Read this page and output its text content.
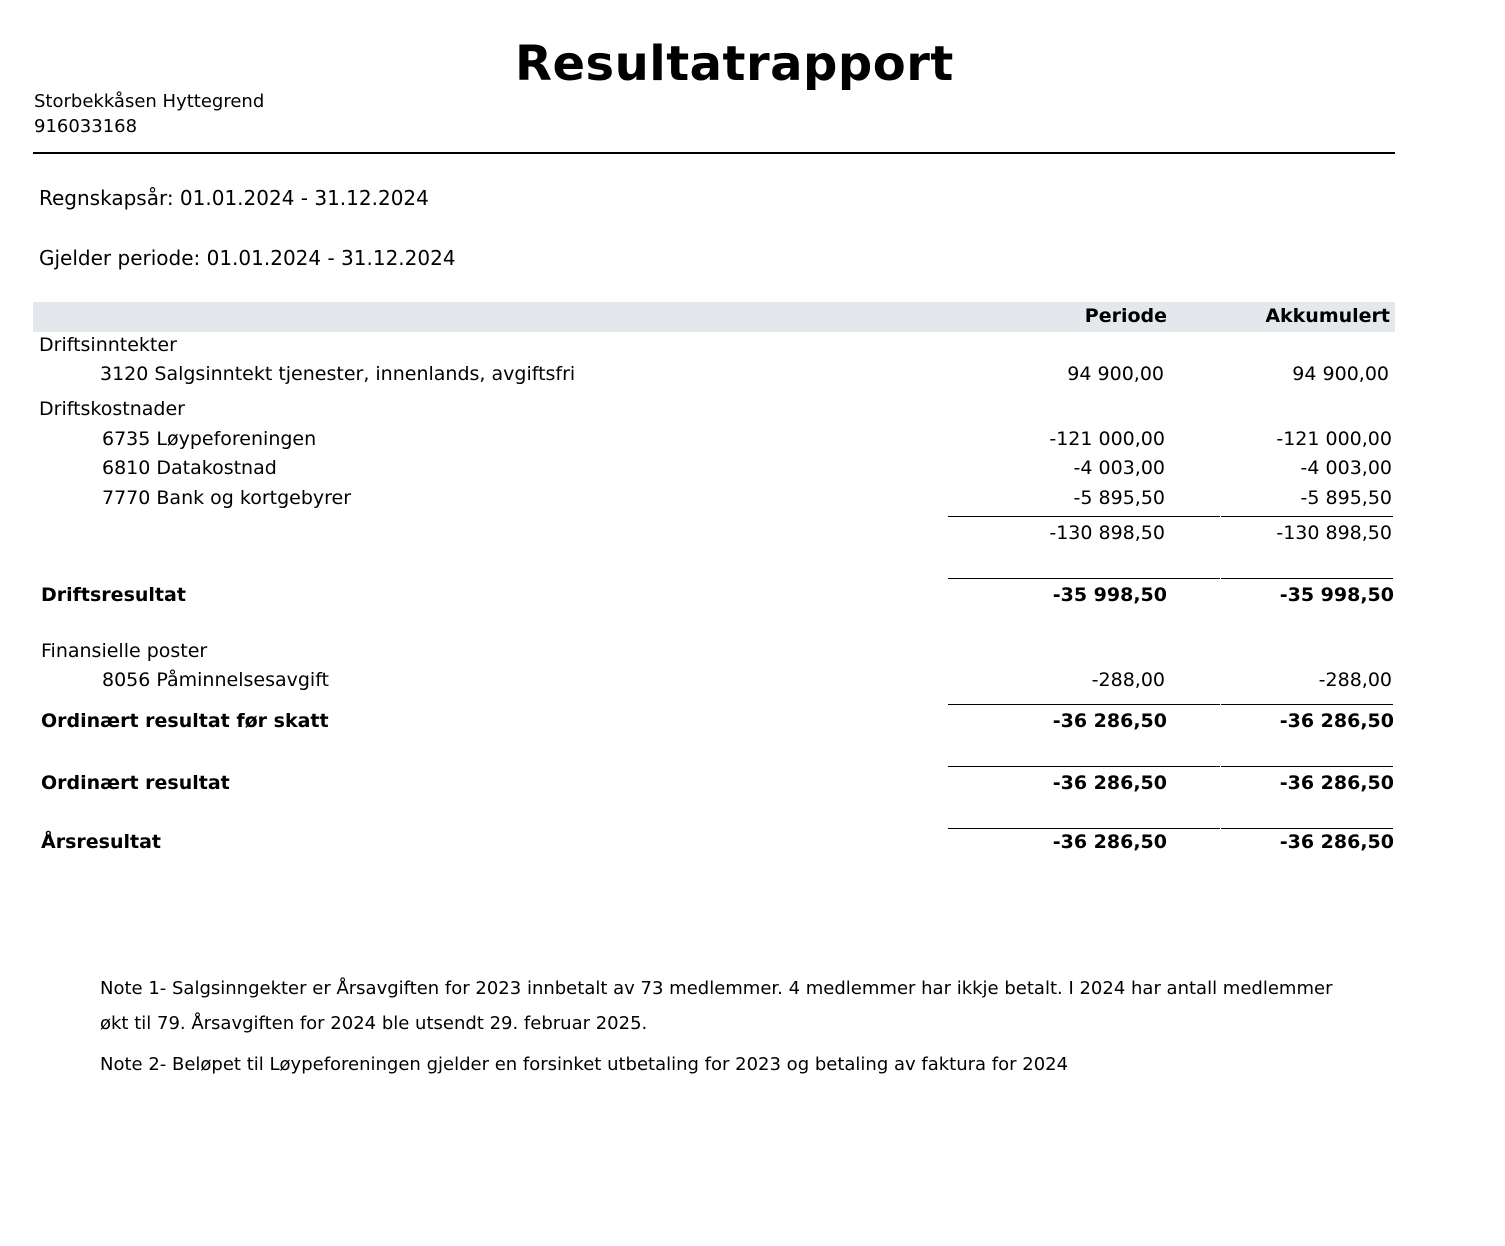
Resultatrapport
Storbekkåsen Hyttegrend
916033168
Regnskapsår: 01.01.2024 - 31.12.2024
Gjelder periode: 01.01.2024 - 31.12.2024
Periode	Akkumulert
Driftsinntekter
3120 Salgsinntekt tjenester, innenlands, avgiftsfri	94 900,00	94 900,00
Driftskostnader
6735 Løypeforeningen	-121 000,00	-121 000,00
6810 Datakostnad	-4 003,00	-4 003,00
7770 Bank og kortgebyrer	-5 895,50	-5 895,50
-130 898,50	-130 898,50
Driftsresultat	-35 998,50	-35 998,50
Finansielle poster
8056 Påminnelsesavgift	-288,00	-288,00
Ordinært resultat før skatt	-36 286,50	-36 286,50
Ordinært resultat	-36 286,50	-36 286,50
Årsresultat	-36 286,50	-36 286,50
Note 1- Salgsinngekter er Årsavgiften for 2023 innbetalt av 73 medlemmer. 4 medlemmer har ikkje betalt. I 2024 har antall medlemmer
økt til 79. Årsavgiften for 2024 ble utsendt 29. februar 2025.
Note 2- Beløpet til Løypeforeningen gjelder en forsinket utbetaling for 2023 og betaling av faktura for 2024
